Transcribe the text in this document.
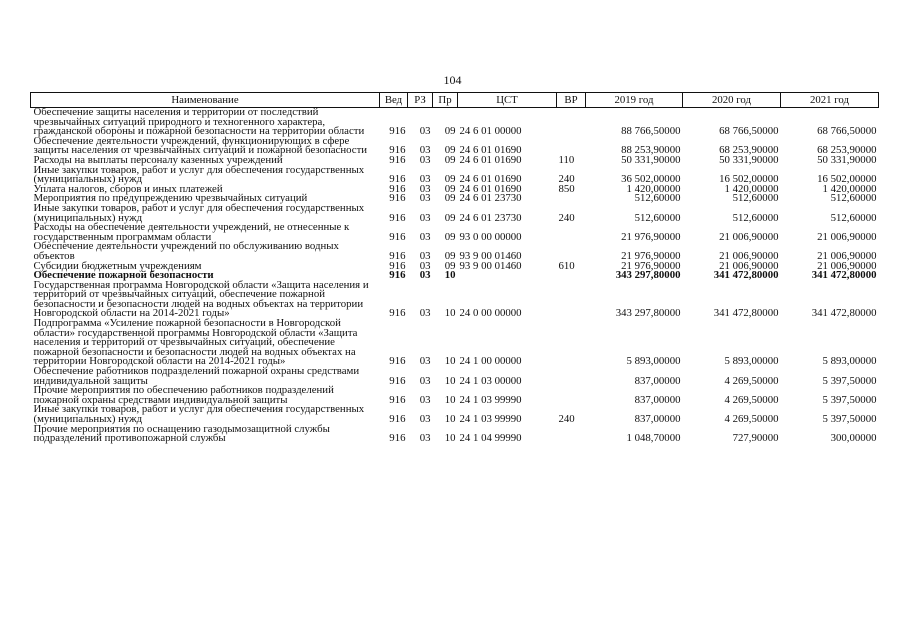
104
Наименование	Вед	РЗ	Пр	ЦСТ	ВР	2019 год	2020 год	2021 год
Обеспечение защиты населения и территории от последствий чрезвычайных ситуаций природного и техногенного характера, гражданской обороны и пожарной безопасности на территории области	916	03	09	24 6 01 00000		88 766,50000	68 766,50000	68 766,50000
Обеспечение деятельности учреждений, функционирующих в сфере защиты населения от чрезвычайных ситуаций и пожарной безопасности	916	03	09	24 6 01 01690		88 253,90000	68 253,90000	68 253,90000
Расходы на выплаты персоналу казенных учреждений	916	03	09	24 6 01 01690	110	50 331,90000	50 331,90000	50 331,90000
Иные закупки товаров, работ и услуг для обеспечения государственных (муниципальных) нужд	916	03	09	24 6 01 01690	240	36 502,00000	16 502,00000	16 502,00000
Уплата налогов, сборов и иных платежей	916	03	09	24 6 01 01690	850	1 420,00000	1 420,00000	1 420,00000
Мероприятия по предупреждению чрезвычайных ситуаций	916	03	09	24 6 01 23730		512,60000	512,60000	512,60000
Иные закупки товаров, работ и услуг для обеспечения государственных (муниципальных) нужд	916	03	09	24 6 01 23730	240	512,60000	512,60000	512,60000
Расходы на обеспечение деятельности учреждений, не отнесенные к государственным программам области	916	03	09	93 0 00 00000		21 976,90000	21 006,90000	21 006,90000
Обеспечение деятельности учреждений по обслуживанию водных объектов	916	03	09	93 9 00 01460		21 976,90000	21 006,90000	21 006,90000
Субсидии бюджетным учреждениям	916	03	09	93 9 00 01460	610	21 976,90000	21 006,90000	21 006,90000
Обеспечение пожарной безопасности	916	03	10			343 297,80000	341 472,80000	341 472,80000
Государственная программа Новгородской области «Защита населения и территорий от чрезвычайных ситуаций, обеспечение пожарной безопасности и безопасности людей на водных объектах на территории Новгородской области на 2014-2021 годы»	916	03	10	24 0 00 00000		343 297,80000	341 472,80000	341 472,80000
Подпрограмма «Усиление пожарной безопасности в Новгородской области» государственной программы Новгородской области «Защита населения и территорий от чрезвычайных ситуаций, обеспечение пожарной безопасности и безопасности людей на водных объектах на территории Новгородской области на 2014-2021 годы»	916	03	10	24 1 00 00000		5 893,00000	5 893,00000	5 893,00000
Обеспечение работников подразделений пожарной охраны средствами индивидуальной защиты	916	03	10	24 1 03 00000		837,00000	4 269,50000	5 397,50000
Прочие мероприятия по обеспечению работников подразделений пожарной охраны средствами индивидуальной защиты	916	03	10	24 1 03 99990		837,00000	4 269,50000	5 397,50000
Иные закупки товаров, работ и услуг для обеспечения государственных (муниципальных) нужд	916	03	10	24 1 03 99990	240	837,00000	4 269,50000	5 397,50000
Прочие мероприятия по оснащению газодымозащитной службы подразделений противопожарной службы	916	03	10	24 1 04 99990		1 048,70000	727,90000	300,00000
